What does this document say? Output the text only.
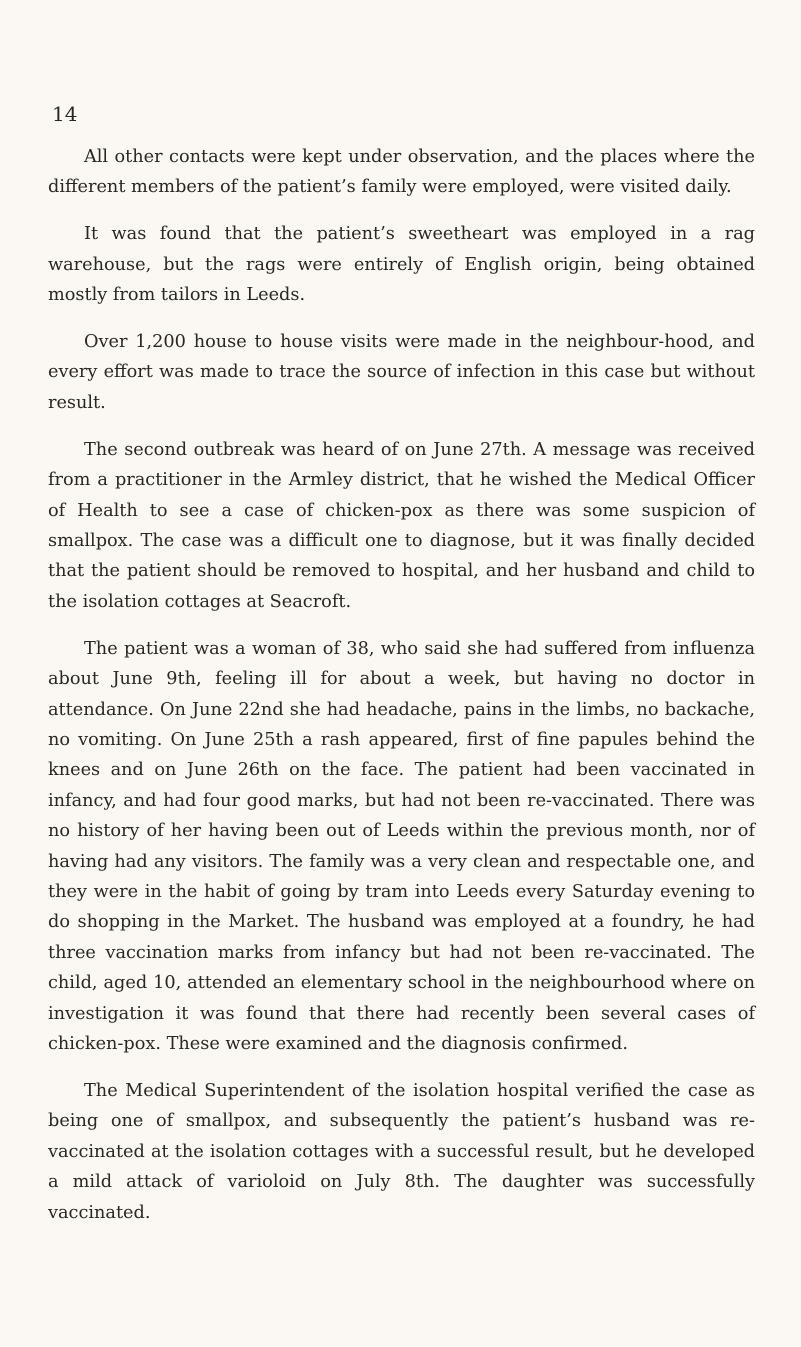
14

All other contacts were kept under observation, and the places where the different members of the patient’s family were employed, were visited daily.

It was found that the patient’s sweetheart was employed in a rag warehouse, but the rags were entirely of English origin, being obtained mostly from tailors in Leeds.

Over 1,200 house to house visits were made in the neighbour-hood, and every effort was made to trace the source of infection in this case but without result.

The second outbreak was heard of on June 27th. A message was received from a practitioner in the Armley district, that he wished the Medical Officer of Health to see a case of chicken-pox as there was some suspicion of smallpox. The case was a difficult one to diagnose, but it was finally decided that the patient should be removed to hospital, and her husband and child to the isolation cottages at Seacroft.

The patient was a woman of 38, who said she had suffered from influenza about June 9th, feeling ill for about a week, but having no doctor in attendance. On June 22nd she had headache, pains in the limbs, no backache, no vomiting. On June 25th a rash appeared, first of fine papules behind the knees and on June 26th on the face. The patient had been vaccinated in infancy, and had four good marks, but had not been re-vaccinated. There was no history of her having been out of Leeds within the previous month, nor of having had any visitors. The family was a very clean and respectable one, and they were in the habit of going by tram into Leeds every Saturday evening to do shopping in the Market. The husband was employed at a foundry, he had three vaccination marks from infancy but had not been re-vaccinated. The child, aged 10, attended an elementary school in the neighbourhood where on investigation it was found that there had recently been several cases of chicken-pox. These were examined and the diagnosis confirmed.

The Medical Superintendent of the isolation hospital verified the case as being one of smallpox, and subsequently the patient’s husband was re-vaccinated at the isolation cottages with a successful result, but he developed a mild attack of varioloid on July 8th. The daughter was successfully vaccinated.
